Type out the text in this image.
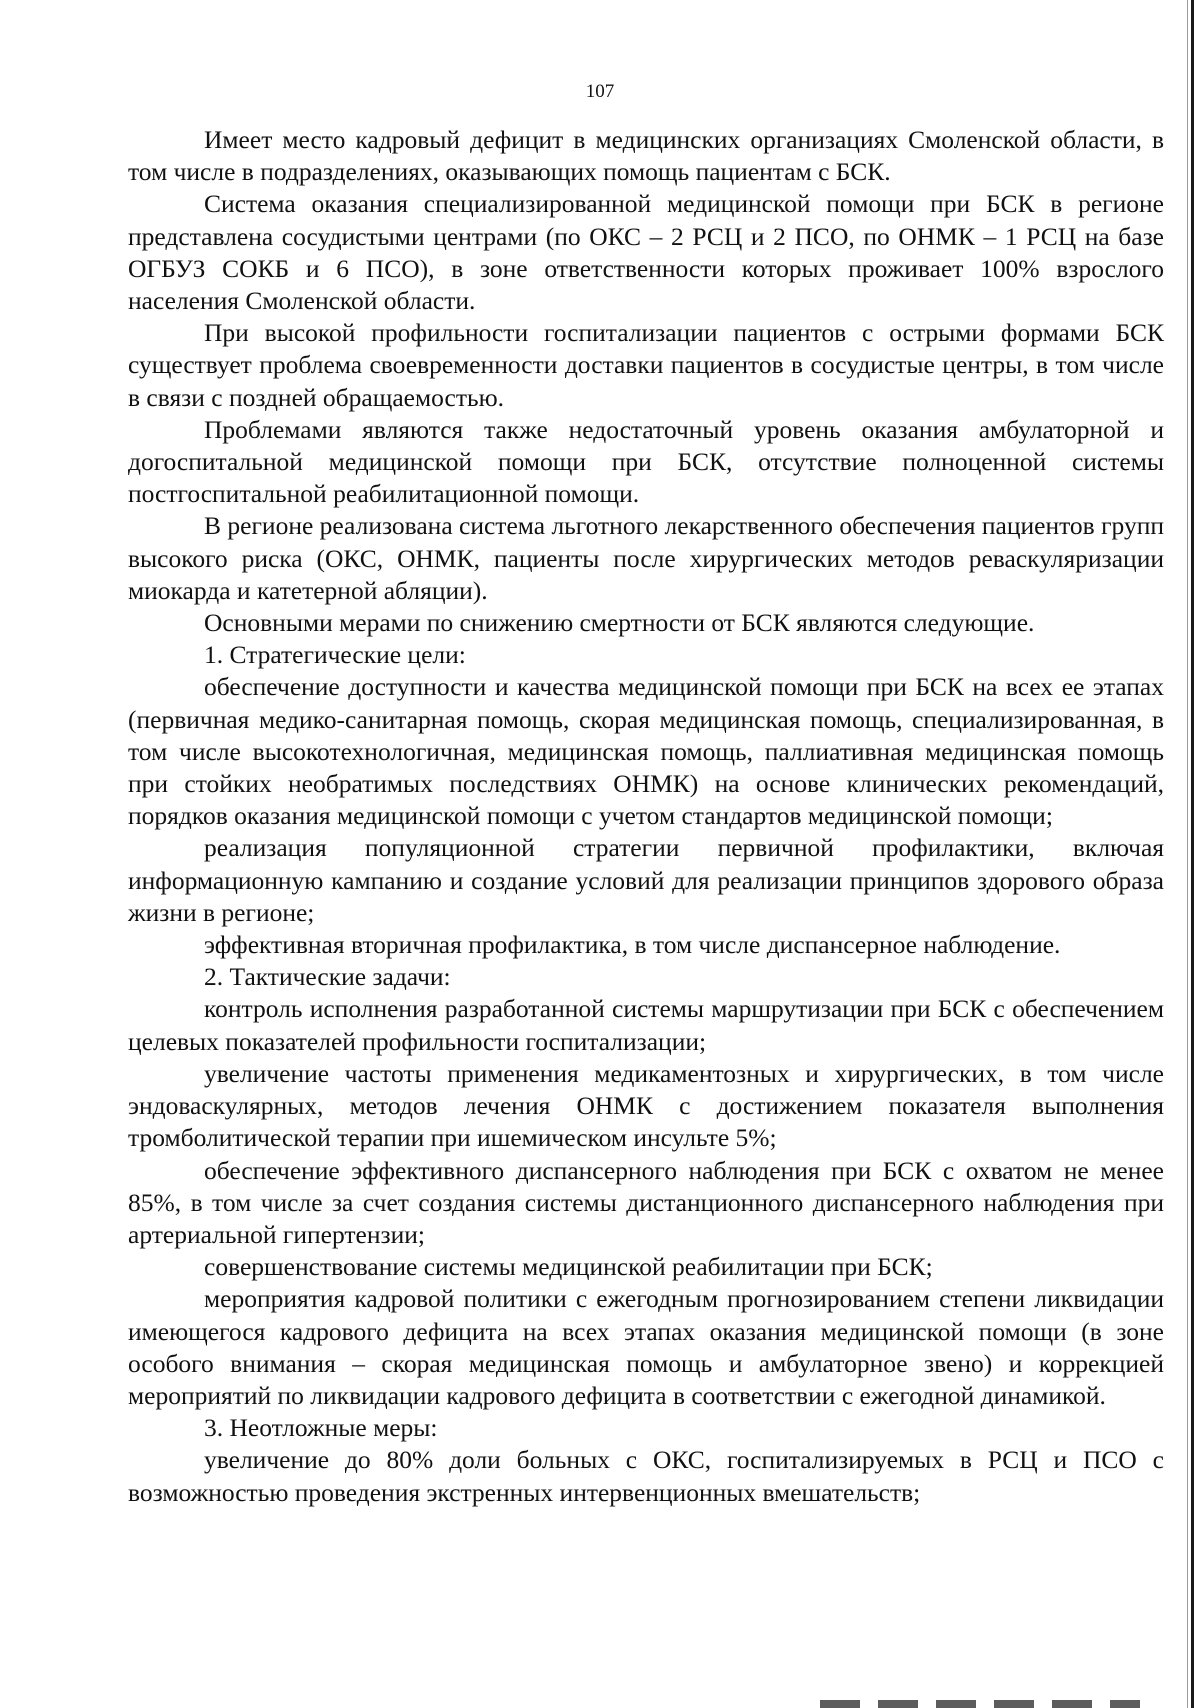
107

Имеет место кадровый дефицит в медицинских организациях Смоленской области, в том числе в подразделениях, оказывающих помощь пациентам с БСК.

Система оказания специализированной медицинской помощи при БСК в регионе представлена сосудистыми центрами (по ОКС – 2 РСЦ и 2 ПСО, по ОНМК – 1 РСЦ на базе ОГБУЗ СОКБ и 6 ПСО), в зоне ответственности которых проживает 100% взрослого населения Смоленской области.

При высокой профильности госпитализации пациентов с острыми формами БСК существует проблема своевременности доставки пациентов в сосудистые центры, в том числе в связи с поздней обращаемостью.

Проблемами являются также недостаточный уровень оказания амбулаторной и догоспитальной медицинской помощи при БСК, отсутствие полноценной системы постгоспитальной реабилитационной помощи.

В регионе реализована система льготного лекарственного обеспечения пациентов групп высокого риска (ОКС, ОНМК, пациенты после хирургических методов реваскуляризации миокарда и катетерной абляции).

Основными мерами по снижению смертности от БСК являются следующие.

1. Стратегические цели:

обеспечение доступности и качества медицинской помощи при БСК на всех ее этапах (первичная медико-санитарная помощь, скорая медицинская помощь, специализированная, в том числе высокотехнологичная, медицинская помощь, паллиативная медицинская помощь при стойких необратимых последствиях ОНМК) на основе клинических рекомендаций, порядков оказания медицинской помощи с учетом стандартов медицинской помощи;

реализация популяционной стратегии первичной профилактики, включая информационную кампанию и создание условий для реализации принципов здорового образа жизни в регионе;

эффективная вторичная профилактика, в том числе диспансерное наблюдение.

2. Тактические задачи:

контроль исполнения разработанной системы маршрутизации при БСК с обеспечением целевых показателей профильности госпитализации;

увеличение частоты применения медикаментозных и хирургических, в том числе эндоваскулярных, методов лечения ОНМК с достижением показателя выполнения тромболитической терапии при ишемическом инсульте 5%;

обеспечение эффективного диспансерного наблюдения при БСК с охватом не менее 85%, в том числе за счет создания системы дистанционного диспансерного наблюдения при артериальной гипертензии;

совершенствование системы медицинской реабилитации при БСК;

мероприятия кадровой политики с ежегодным прогнозированием степени ликвидации имеющегося кадрового дефицита на всех этапах оказания медицинской помощи (в зоне особого внимания – скорая медицинская помощь и амбулаторное звено) и коррекцией мероприятий по ликвидации кадрового дефицита в соответствии с ежегодной динамикой.

3. Неотложные меры:

увеличение до 80% доли больных с ОКС, госпитализируемых в РСЦ и ПСО с возможностью проведения экстренных интервенционных вмешательств;
